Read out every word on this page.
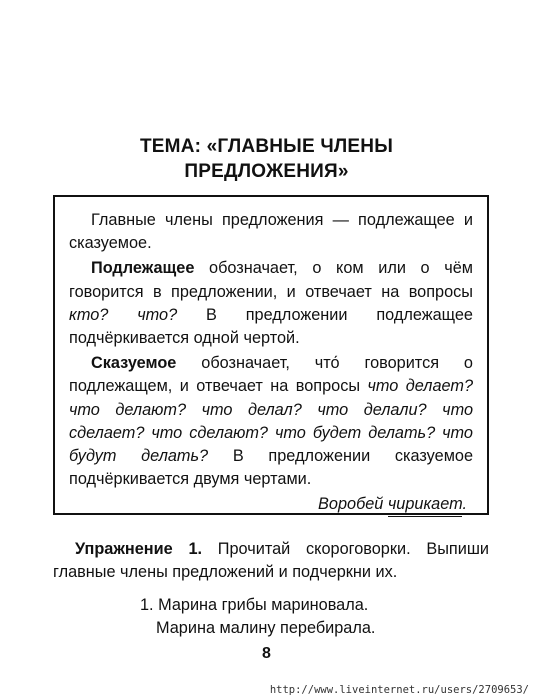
ТЕМА: «ГЛАВНЫЕ ЧЛЕНЫ
ПРЕДЛОЖЕНИЯ»

Главные члены предложения — подлежащее и сказуемое.

Подлежащее обозначает, о ком или о чём говорится в предложении, и отвечает на вопросы кто? что? В предложении подлежащее подчёркивается одной чертой.

Сказуемое обозначает, что́ говорится о подлежащем, и отвечает на вопросы что делает? что делают? что делал? что делали? что сделает? что сделают? что будет делать? что будут делать? В предложении сказуемое подчёркивается двумя чертами.

Воробей чирикает.

Упражнение 1. Прочитай скороговорки. Выпиши главные члены предложений и подчеркни их.

1. Марина грибы мариновала.
Марина малину перебирала.
8
http://www.liveinternet.ru/users/2709653/
